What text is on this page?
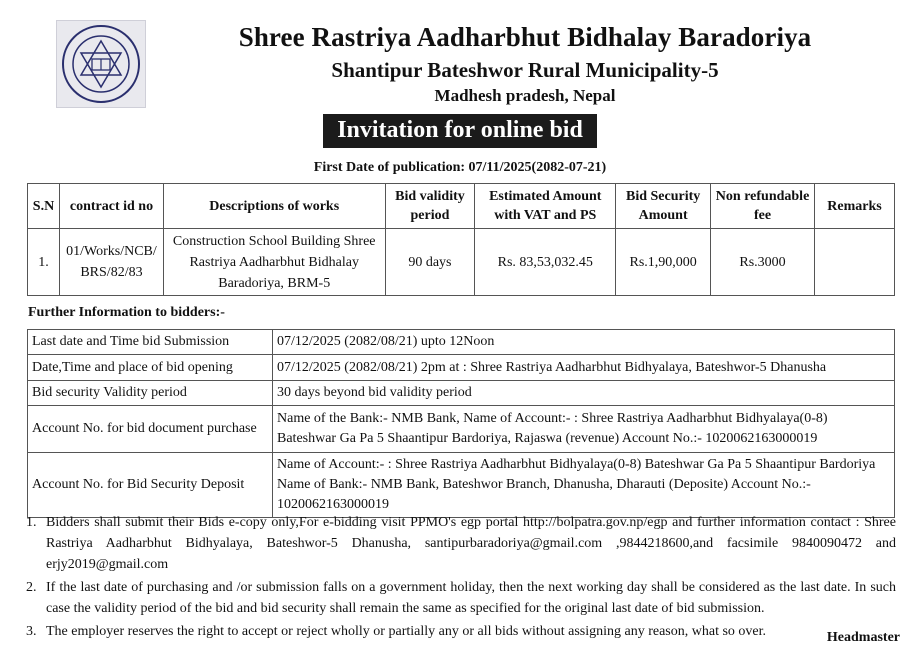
Shree Rastriya Aadharbhut Bidhalay Baradoriya
Shantipur Bateshwor Rural Municipality-5
Madhesh pradesh, Nepal
Invitation for online bid
First Date of publication: 07/11/2025(2082-07-21)
S.N	contract id no	Descriptions of works	Bid validity period	Estimated Amount with VAT and PS	Bid Security Amount	Non refundable fee	Remarks
1.	01/Works/NCB/ BRS/82/83	Construction School Building Shree Rastriya Aadharbhut Bidhalay Baradoriya, BRM-5	90 days	Rs. 83,53,032.45	Rs.1,90,000	Rs.3000	
Further Information to bidders:-
Last date and Time bid Submission	07/12/2025 (2082/08/21) upto 12Noon

Date,Time and place of bid opening	07/12/2025 (2082/08/21) 2pm at : Shree Rastriya Aadharbhut Bidhyalaya, Bateshwor-5 Dhanusha

Bid security Validity period	30 days beyond bid validity period

Account No. for bid document purchase	Name of the Bank:- NMB Bank, Name of Account:- : Shree Rastriya Aadharbhut Bidhyalaya(0-8)
Bateshwar Ga Pa 5 Shaantipur Bardoriya, Rajaswa (revenue) Account No.:- 1020062163000019

Account No. for Bid Security Deposit	Name of Account:- : Shree Rastriya Aadharbhut Bidhyalaya(0-8) Bateshwar Ga Pa 5 Shaantipur Bardoriya
Name of Bank:- NMB Bank, Bateshwor Branch, Dhanusha, Dharauti (Deposite) Account No.:- 1020062163000019
1. Bidders shall submit their Bids e-copy only,For e-bidding visit PPMO's egp portal http://bolpatra.gov.np/egp and further information contact : Shree Rastriya Aadharbhut Bidhyalaya, Bateshwor-5 Dhanusha, santipurbaradoriya@gmail.com ,9844218600,and facsimile 9840090472 and erjy2019@gmail.com
2. If the last date of purchasing and /or submission falls on a government holiday, then the next working day shall be considered as the last date. In such case the validity period of the bid and bid security shall remain the same as specified for the original last date of bid submission.
3. The employer reserves the right to accept or reject wholly or partially any or all bids without assigning any reason, what so over.	Headmaster
